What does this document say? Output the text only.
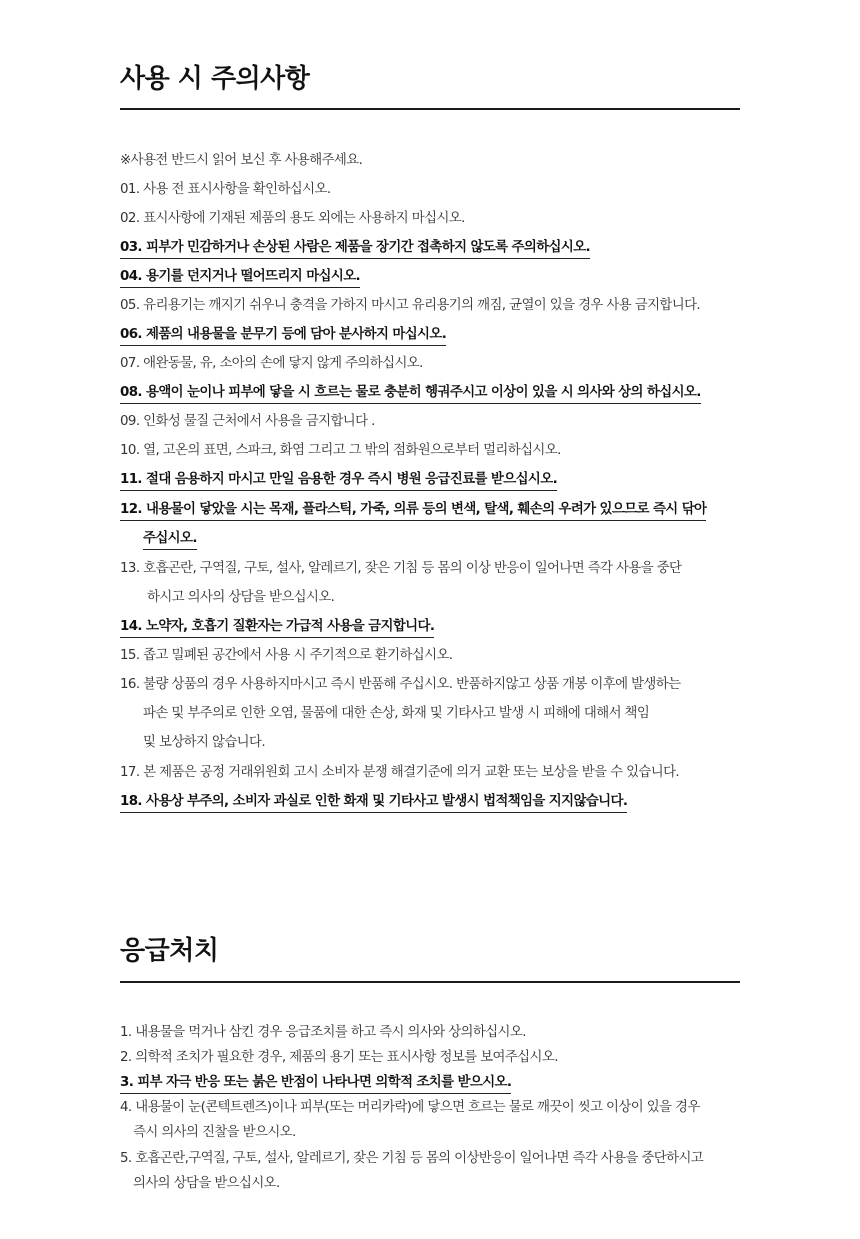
사용 시 주의사항
※사용전 반드시 읽어 보신 후 사용해주세요.
01. 사용 전 표시사항을 확인하십시오.
02. 표시사항에 기재된 제품의 용도 외에는 사용하지 마십시오.
03. 피부가 민감하거나 손상된 사람은 제품을 장기간 접촉하지 않도록 주의하십시오.
04. 용기를 던지거나 떨어뜨리지 마십시오.
05. 유리용기는 깨지기 쉬우니 충격을 가하지 마시고 유리용기의 깨짐, 균열이 있을 경우 사용 금지합니다.
06. 제품의 내용물을 분무기 등에 담아 분사하지 마십시오.
07. 애완동물, 유, 소아의 손에 닿지 않게 주의하십시오.
08. 용액이 눈이나 피부에 닿을 시 흐르는 물로 충분히 헹궈주시고 이상이 있을 시 의사와 상의 하십시오.
09. 인화성 물질 근처에서 사용을 금지합니다 .
10. 열, 고온의 표면, 스파크, 화염 그리고 그 밖의 점화원으로부터 멀리하십시오.
11. 절대 음용하지 마시고 만일 음용한 경우 즉시 병원 응급진료를 받으십시오.
12. 내용물이 닿았을 시는 목재, 플라스틱, 가죽, 의류 등의 변색, 탈색, 훼손의 우려가 있으므로 즉시 닦아
주십시오.
13. 호흡곤란, 구역질, 구토, 설사, 알레르기, 잦은 기침 등 몸의 이상 반응이 일어나면 즉각 사용을 중단
하시고 의사의 상담을 받으십시오.
14. 노약자, 호흡기 질환자는 가급적 사용을 금지합니다.
15. 좁고 밀폐된 공간에서 사용 시 주기적으로 환기하십시오.
16. 불량 상품의 경우 사용하지마시고 즉시 반품해 주십시오. 반품하지않고 상품 개봉 이후에 발생하는
파손 및 부주의로 인한 오염, 물품에 대한 손상, 화재 및 기타사고 발생 시 피해에 대해서 책임
및 보상하지 않습니다.
17. 본 제품은 공정 거래위원회 고시 소비자 분쟁 해결기준에 의거 교환 또는 보상을 받을 수 있습니다.
18. 사용상 부주의, 소비자 과실로 인한 화재 및 기타사고 발생시 법적책임을 지지않습니다.
응급처치
1. 내용물을 먹거나 삼킨 경우 응급조치를 하고 즉시 의사와 상의하십시오.
2. 의학적 조치가 필요한 경우, 제품의 용기 또는 표시사항 정보를 보여주십시오.
3. 피부 자극 반응 또는 붉은 반점이 나타나면 의학적 조치를 받으시오.
4. 내용물이 눈(콘텍트렌즈)이나 피부(또는 머리카락)에 닿으면 흐르는 물로 깨끗이 씻고 이상이 있을 경우
즉시 의사의 진찰을 받으시오.
5. 호흡곤란,구역질, 구토, 설사, 알레르기, 잦은 기침 등 몸의 이상반응이 일어나면 즉각 사용을 중단하시고
의사의 상담을 받으십시오.
